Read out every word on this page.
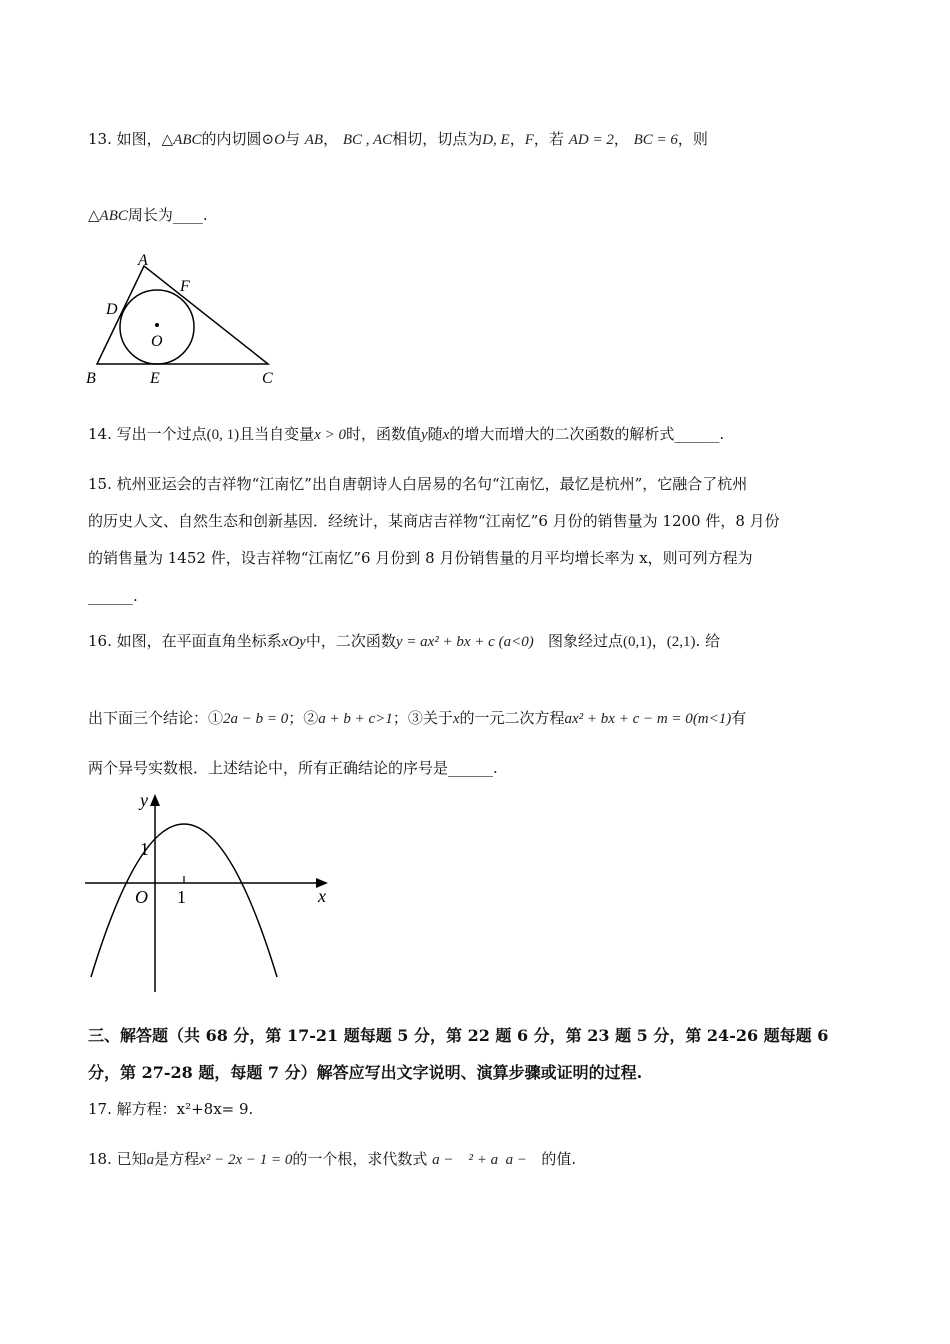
13. 如图，△ABC的内切圆⊙O与 AB， BC , AC相切，切点为D, E，F，若 AD = 2， BC = 6，则
△ABC周长为____.
A
F
D
O
B	E	C
14. 写出一个过点(0, 1)且当自变量x > 0时，函数值y随x的增大而增大的二次函数的解析式______.
15. 杭州亚运会的吉祥物“江南忆”出自唐朝诗人白居易的名句“江南忆，最忆是杭州”，它融合了杭州
的历史人文、自然生态和创新基因．经统计，某商店吉祥物“江南忆”6 月份的销售量为 1200 件，8 月份
的销售量为 1452 件，设吉祥物“江南忆”6 月份到 8 月份销售量的月平均增长率为 x，则可列方程为
______.
16. 如图，在平面直角坐标系xOy中，二次函数y = ax² + bx + c (a<0) 图象经过点(0,1)，(2,1). 给
出下面三个结论：①2a − b = 0；②a + b + c>1；③关于x的一元二次方程ax² + bx + c − m = 0(m<1)有
两个异号实数根．上述结论中，所有正确结论的序号是______.
y
x
1
1
O
三、解答题（共 68 分，第 17-21 题每题 5 分，第 22 题 6 分，第 23 题 5 分，第 24-26 题每题 6
分，第 27-28 题，每题 7 分）解答应写出文字说明、演算步骤或证明的过程.
17. 解方程：x²+8x= 9.
18. 已知a是方程x² − 2x − 1 = 0的一个根，求代数式 a −    ² + a  a − 的值.
